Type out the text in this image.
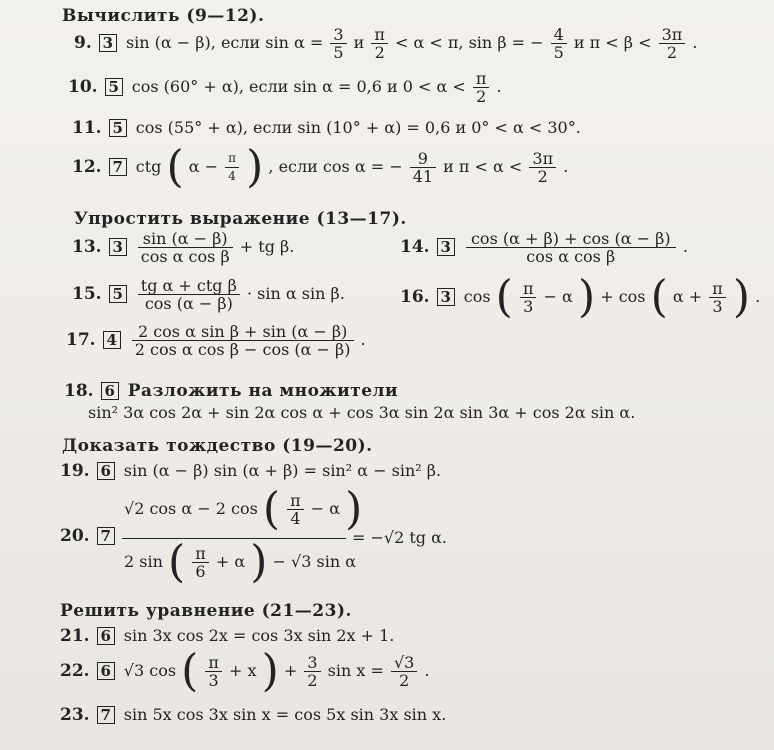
Вычислить (9—12).
9. 3 sin (α − β), если $\sin \alpha = \frac{3}{5}$ и $\frac{\pi}{2} < \alpha < \pi$, sin β = − $\frac{4}{5}$ и $\pi < \beta < \frac{3\pi}{2}$ .
10. 5 cos (60° + α), если sin α = 0,6 и $0 < \alpha < \frac{\pi}{2}$ .
11. 5 cos (55° + α), если sin (10° + α) = 0,6 и 0° < α < 30°.
12. 7 ctg ( $\alpha - \frac{\pi}{4}$ ) , если cos α = − $\frac{9}{41}$ и $\pi < \alpha < \frac{3\pi}{2}$ .
Упростить выражение (13—17).
13. $3 \frac{\sin (\alpha - \beta)}{\text{cos α cos β}}$ + tg β.	14. $3 \frac{\cos (\alpha + \beta) + \cos (\alpha - \beta)}{\text{cos α cos β}}$ .
15. $5 \frac{\text{tg α + ctg β}}{\cos (\alpha - \beta)} \cdot \sin \alpha$ sin β.	16. 3 cos ( $\frac{\pi}{3} - \alpha$ ) + cos ( $\alpha + \frac{\pi}{3}$ ) .
17. $4 \frac{\text{2 cos α sin β + sin (α − β)}}{\text{2 cos α cos β − cos (α − β)}}$ .
18. 6 Разложить на множители
sin² 3α cos 2α + sin 2α cos α + cos 3α sin 2α sin 3α + cos 2α sin α.
Доказать тождество (19—20).
19. 6 sin (α − β) sin (α + β) = sin² α − sin² β.
20. 7
√2 cos α − 2 cos ( $\frac{\pi}{4} - \alpha$ )
2 sin ( $\frac{\pi}{6} + \alpha$ ) − √3 sin α
= −√2 tg α.
Решить уравнение (21—23).
21. 6 sin 3x cos 2x = cos 3x sin 2x + 1.
22. 6 √3 cos ( $\frac{\pi}{3} + x$ ) + $\frac{3}{2}$ $\sin x = \frac{√3}{2}$ .
23. 7 sin 5x cos 3x sin x = cos 5x sin 3x sin x.
